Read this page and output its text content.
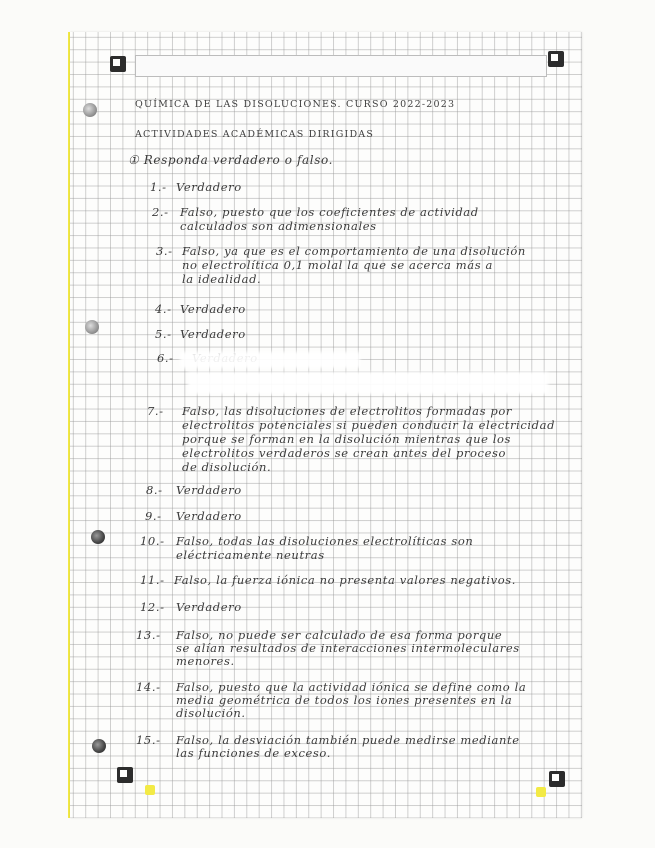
QUÍMICA DE LAS DISOLUCIONES. CURSO 2022-2023
ACTIVIDADES ACADÉMICAS DIRIGIDAS
① Responda verdadero o falso.
1.- Verdadero
2.- Falso, puesto que los coeficientes de actividad
calculados son adimensionales
3.- Falso, ya que es el comportamiento de una disolución
no electrolítica 0,1 molal la que se acerca más a
la idealidad.
4.- Verdadero
5.- Verdadero
6.-
7.- Falso, las disoluciones de electrolitos formadas por
electrolitos potenciales si pueden conducir la electricidad
porque se forman en la disolución mientras que los
electrolitos verdaderos se crean antes del proceso
de disolución.
8.- Verdadero
9.- Verdadero
10.- Falso, todas las disoluciones electrolíticas son
eléctricamente neutras
11.- Falso, la fuerza iónica no presenta valores negativos.
12.- Verdadero
13.- Falso, no puede ser calculado de esa forma porque
se alían resultados de interacciones intermoleculares
menores.
14.- Falso, puesto que la actividad iónica se define como la
media geométrica de todos los iones presentes en la
disolución.
15.- Falso, la desviación también puede medirse mediante
las funciones de exceso.
